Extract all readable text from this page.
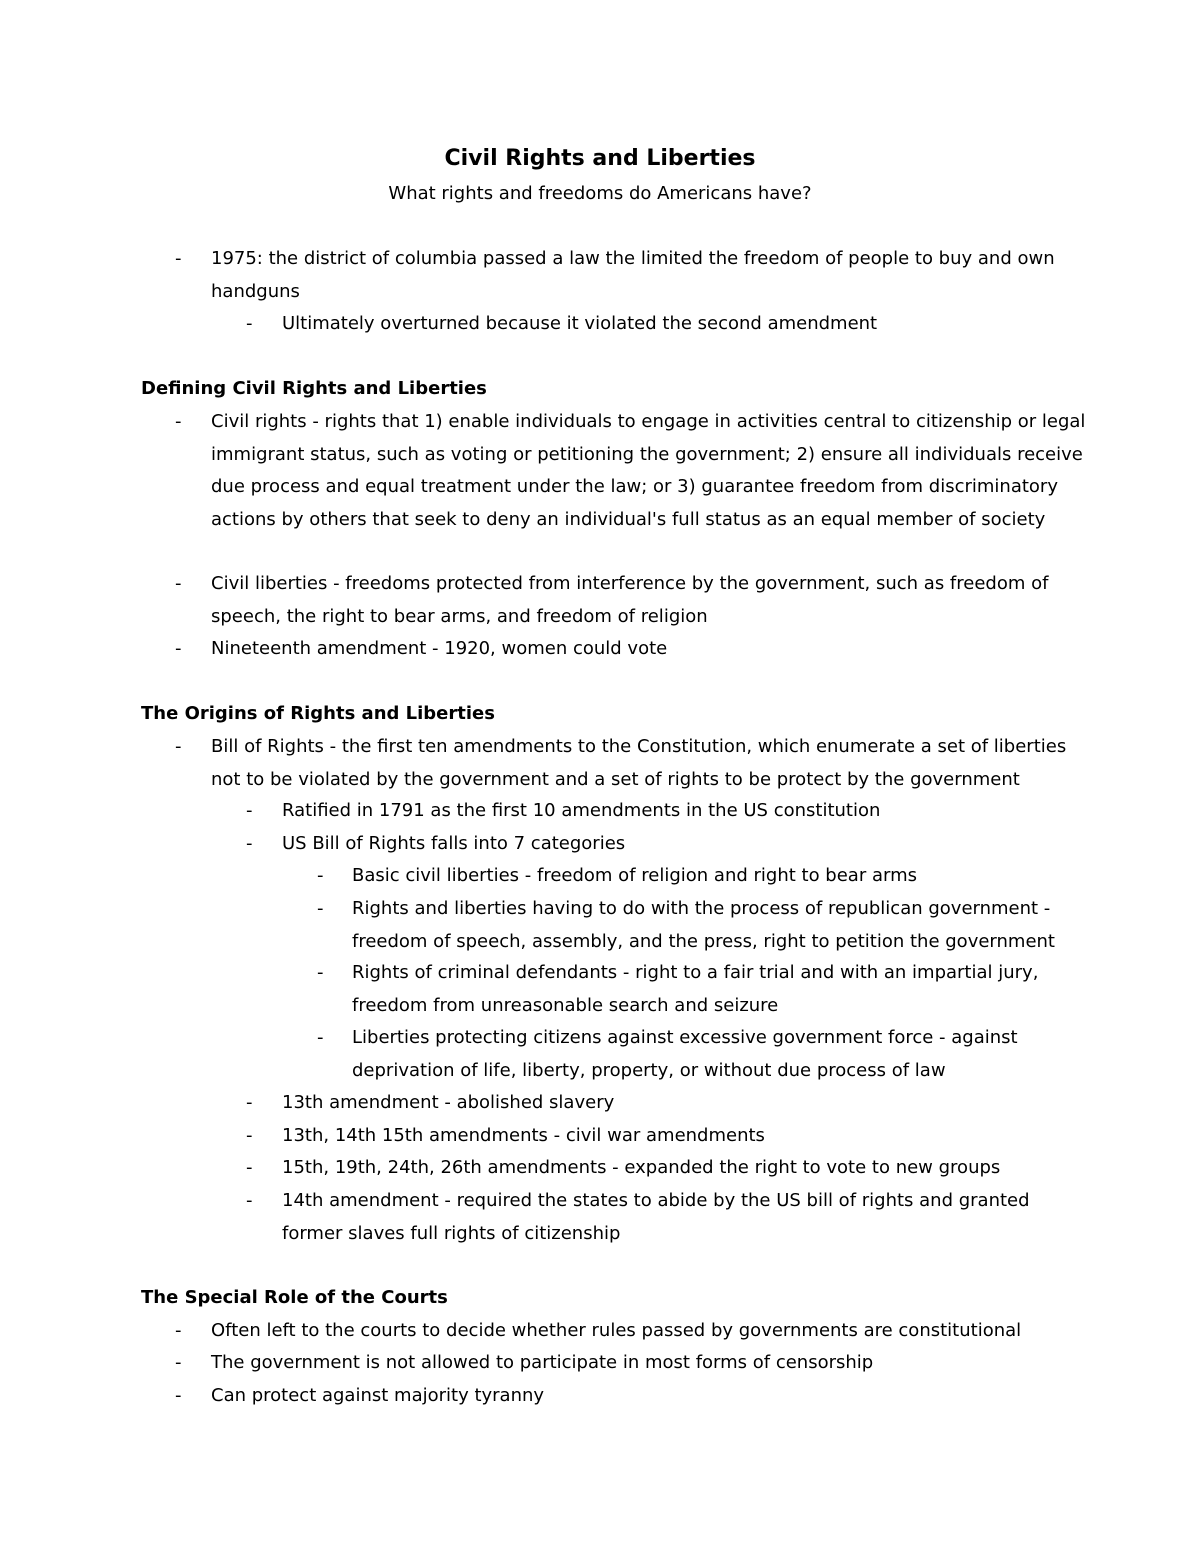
Civil Rights and Liberties
What rights and freedoms do Americans have?
- 1975: the district of columbia passed a law the limited the freedom of people to buy and own handguns
- Ultimately overturned because it violated the second amendment
Defining Civil Rights and Liberties
- Civil rights - rights that 1) enable individuals to engage in activities central to citizenship or legal immigrant status, such as voting or petitioning the government; 2) ensure all individuals receive due process and equal treatment under the law; or 3) guarantee freedom from discriminatory actions by others that seek to deny an individual's full status as an equal member of society
- Civil liberties - freedoms protected from interference by the government, such as freedom of speech, the right to bear arms, and freedom of religion
- Nineteenth amendment - 1920, women could vote
The Origins of Rights and Liberties
- Bill of Rights - the first ten amendments to the Constitution, which enumerate a set of liberties not to be violated by the government and a set of rights to be protect by the government
- Ratified in 1791 as the first 10 amendments in the US constitution
- US Bill of Rights falls into 7 categories
- Basic civil liberties - freedom of religion and right to bear arms
- Rights and liberties having to do with the process of republican government - freedom of speech, assembly, and the press, right to petition the government
- Rights of criminal defendants - right to a fair trial and with an impartial jury, freedom from unreasonable search and seizure
- Liberties protecting citizens against excessive government force - against deprivation of life, liberty, property, or without due process of law
- 13th amendment - abolished slavery
- 13th, 14th 15th amendments - civil war amendments
- 15th, 19th, 24th, 26th amendments - expanded the right to vote to new groups
- 14th amendment - required the states to abide by the US bill of rights and granted former slaves full rights of citizenship
The Special Role of the Courts
- Often left to the courts to decide whether rules passed by governments are constitutional
- The government is not allowed to participate in most forms of censorship
- Can protect against majority tyranny
